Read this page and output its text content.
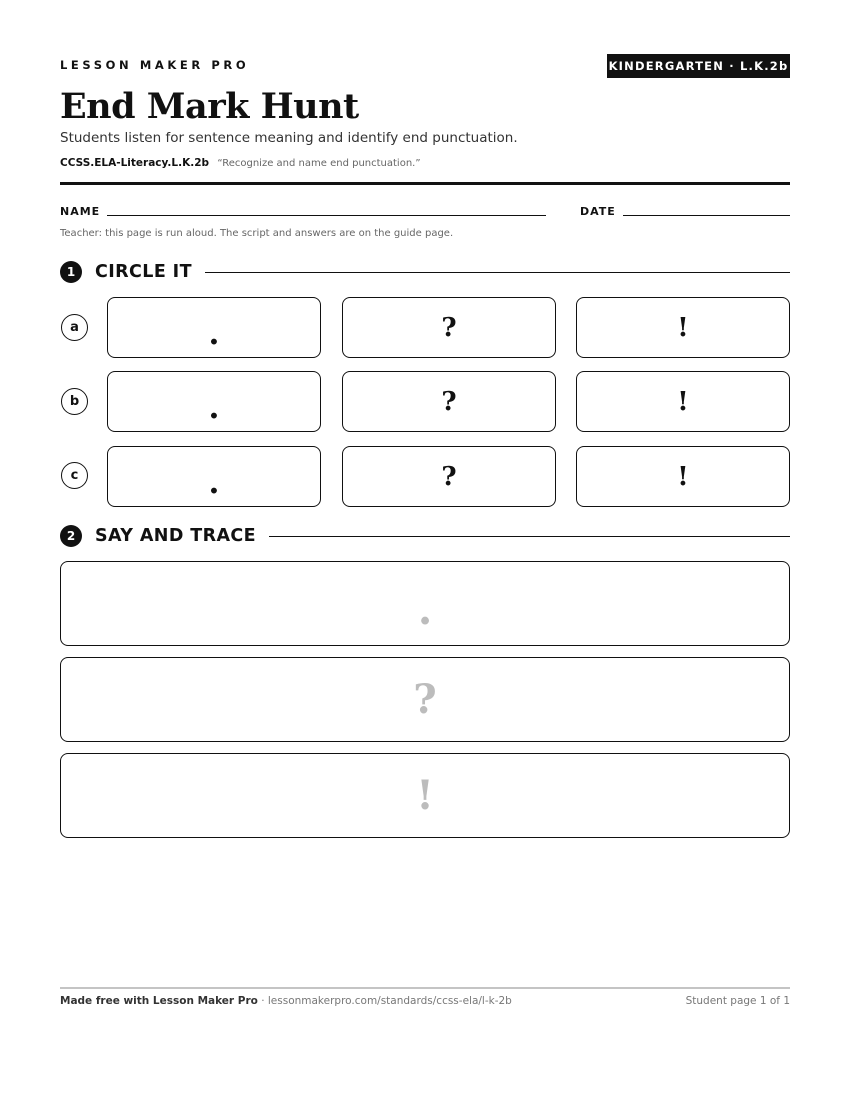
LESSON MAKER PRO	KINDERGARTEN · L.K.2b
End Mark Hunt
Students listen for sentence meaning and identify end punctuation.
CCSS.ELA-Literacy.L.K.2b “Recognize and name end punctuation.”
NAME	DATE
Teacher: this page is run aloud. The script and answers are on the guide page.
1	CIRCLE IT
a	.	?	!
b	.	?	!
c	.	?	!
2	SAY AND TRACE
.
?
!
Made free with Lesson Maker Pro · lessonmakerpro.com/standards/ccss-ela/l-k-2b	Student page 1 of 1
